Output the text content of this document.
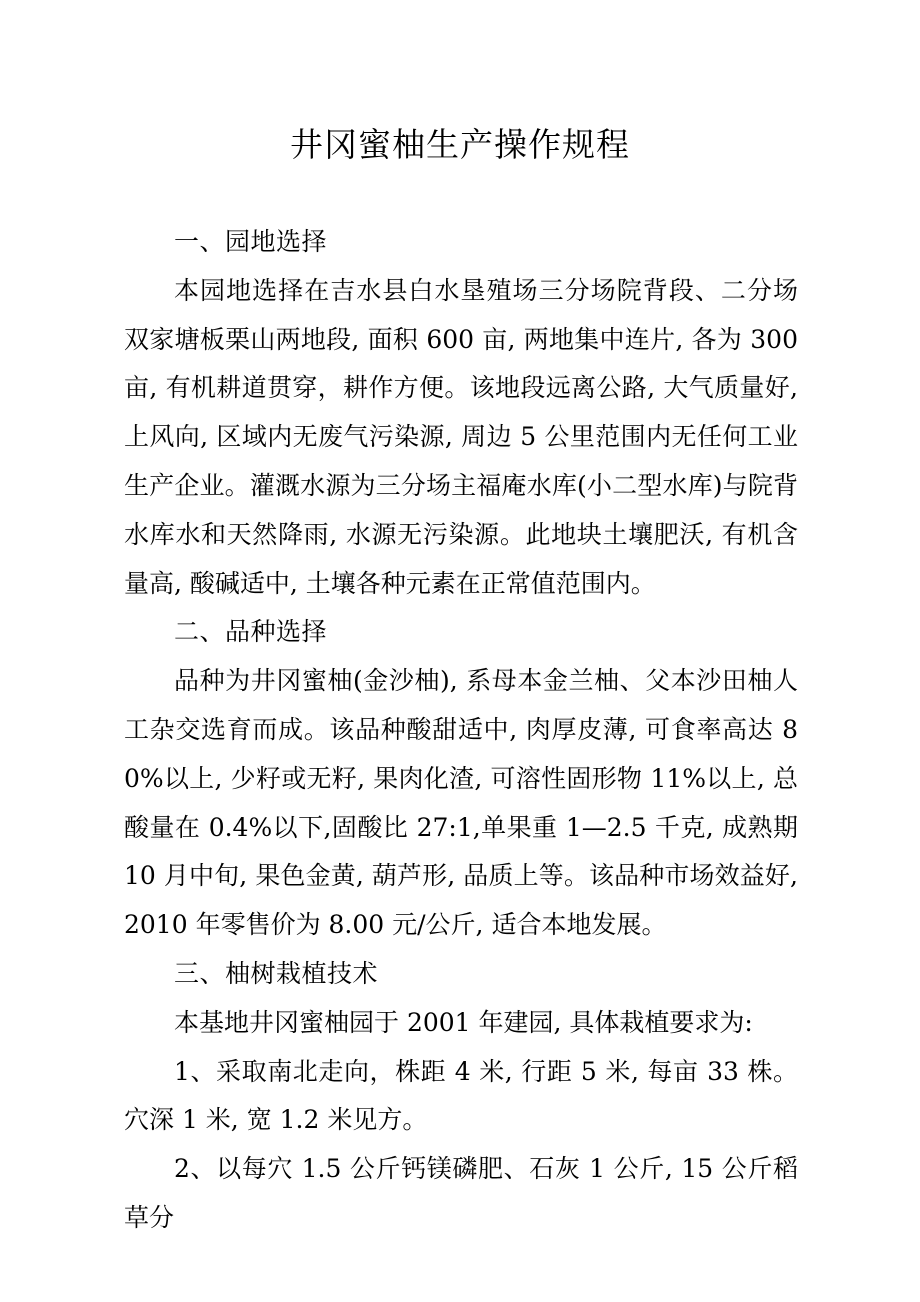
井冈蜜柚生产操作规程

一、园地选择

本园地选择在吉水县白水垦殖场三分场院背段、二分场双家塘板栗山两地段, 面积 600 亩, 两地集中连片, 各为 300 亩, 有机耕道贯穿，耕作方便。该地段远离公路, 大气质量好, 上风向, 区域内无废气污染源, 周边 5 公里范围内无任何工业生产企业。灌溉水源为三分场主福庵水库(小二型水库)与院背水库水和天然降雨, 水源无污染源。此地块土壤肥沃, 有机含量高, 酸碱适中, 土壤各种元素在正常值范围内。

二、品种选择

品种为井冈蜜柚(金沙柚), 系母本金兰柚、父本沙田柚人工杂交选育而成。该品种酸甜适中, 肉厚皮薄, 可食率高达 80%以上, 少籽或无籽, 果肉化渣, 可溶性固形物 11%以上, 总酸量在 0.4%以下,固酸比 27:1,单果重 1—2.5 千克, 成熟期 10 月中旬, 果色金黄, 葫芦形, 品质上等。该品种市场效益好, 2010 年零售价为 8.00 元/公斤, 适合本地发展。

三、柚树栽植技术

本基地井冈蜜柚园于 2001 年建园, 具体栽植要求为:

1、采取南北走向，株距 4 米, 行距 5 米, 每亩 33 株。穴深 1 米, 宽 1.2 米见方。

2、以每穴 1.5 公斤钙镁磷肥、石灰 1 公斤, 15 公斤稻草分
